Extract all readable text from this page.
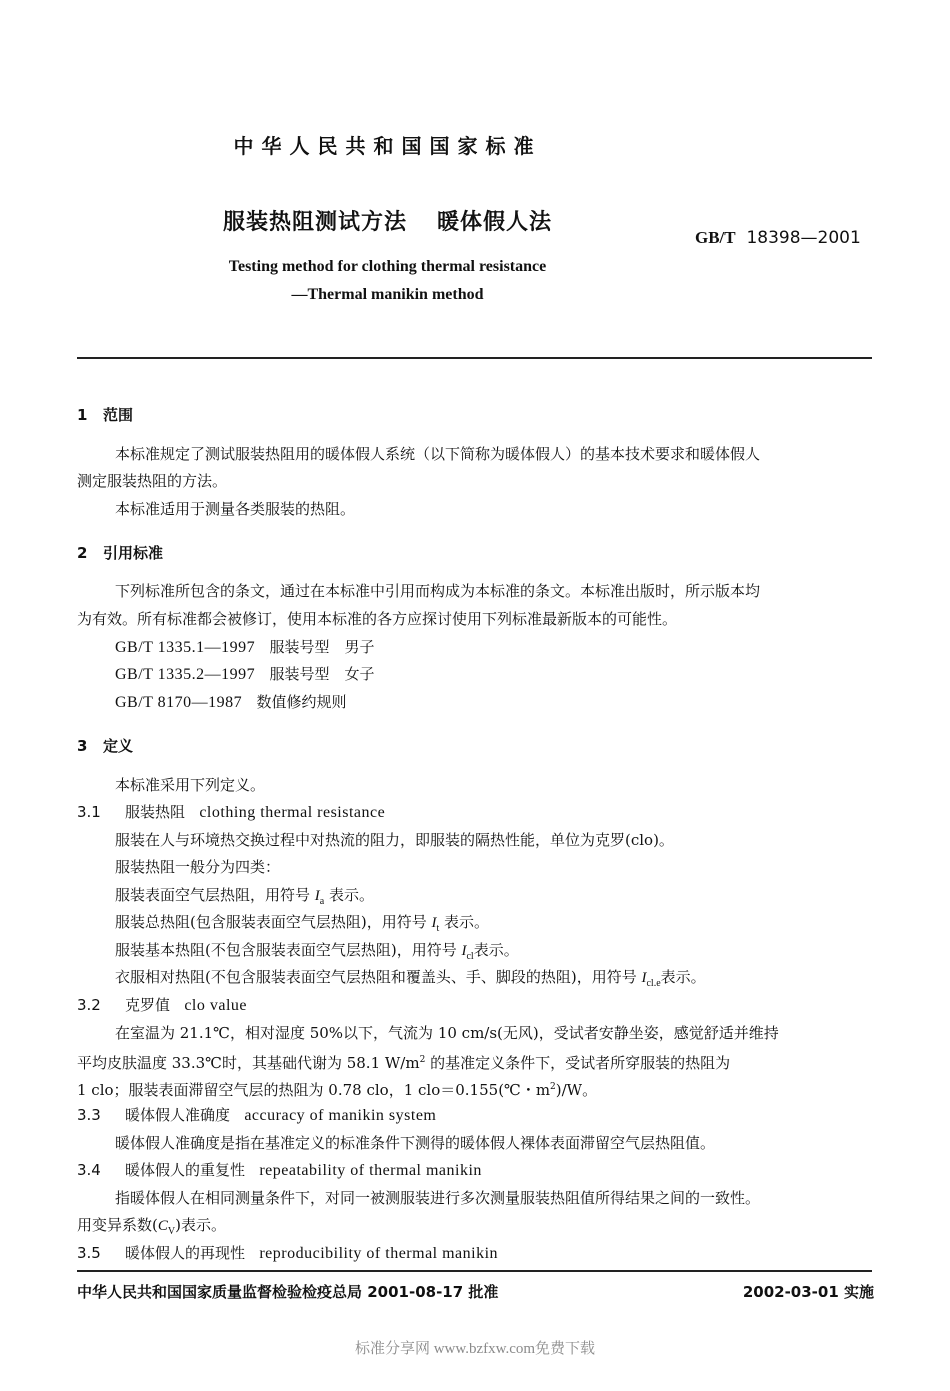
中华人民共和国国家标准
服装热阻测试方法 暖体假人法
GB/T 18398—2001
Testing method for clothing thermal resistance
—Thermal manikin method
1 范围
本标准规定了测试服装热阻用的暖体假人系统（以下简称为暖体假人）的基本技术要求和暖体假人
测定服装热阻的方法。
本标准适用于测量各类服装的热阻。
2 引用标准
下列标准所包含的条文，通过在本标准中引用而构成为本标准的条文。本标准出版时，所示版本均
为有效。所有标准都会被修订，使用本标准的各方应探讨使用下列标准最新版本的可能性。
GB/T 1335.1—1997 服装号型　男子
GB/T 1335.2—1997 服装号型　女子
GB/T 8170—1987 数值修约规则
3 定义
本标准采用下列定义。
3.1 服装热阻 clothing thermal resistance
服装在人与环境热交换过程中对热流的阻力，即服装的隔热性能，单位为克罗(clo)。
服装热阻一般分为四类：
服装表面空气层热阻，用符号 $I_a$ 表示。
服装总热阻(包含服装表面空气层热阻)，用符号 $I_t$ 表示。
服装基本热阻(不包含服装表面空气层热阻)，用符号 $I_{cl}$表示。
衣服相对热阻(不包含服装表面空气层热阻和覆盖头、手、脚段的热阻)，用符号 $I_{cl.e}$表示。
3.2 克罗值 clo value
在室温为 21.1℃，相对湿度 50%以下，气流为 10 cm/s(无风)，受试者安静坐姿，感觉舒适并维持
平均皮肤温度 33.3℃时，其基础代谢为 58.1 $W/m^2$ 的基准定义条件下，受试者所穿服装的热阻为
1 clo；服装表面滞留空气层的热阻为 0.78 clo，1 clo＝0.155(℃・$m^2)/W$。
3.3 暖体假人准确度 accuracy of manikin system
暖体假人准确度是指在基准定义的标准条件下测得的暖体假人裸体表面滞留空气层热阻值。
3.4 暖体假人的重复性 repeatability of thermal manikin
指暖体假人在相同测量条件下，对同一被测服装进行多次测量服装热阻值所得结果之间的一致性。
用变异系数$(C_V)$表示。
3.5 暖体假人的再现性 reproducibility of thermal manikin
中华人民共和国国家质量监督检验检疫总局 2001-08-17 批准	2002-03-01 实施
标准分享网 www.bzfxw.com免费下载
